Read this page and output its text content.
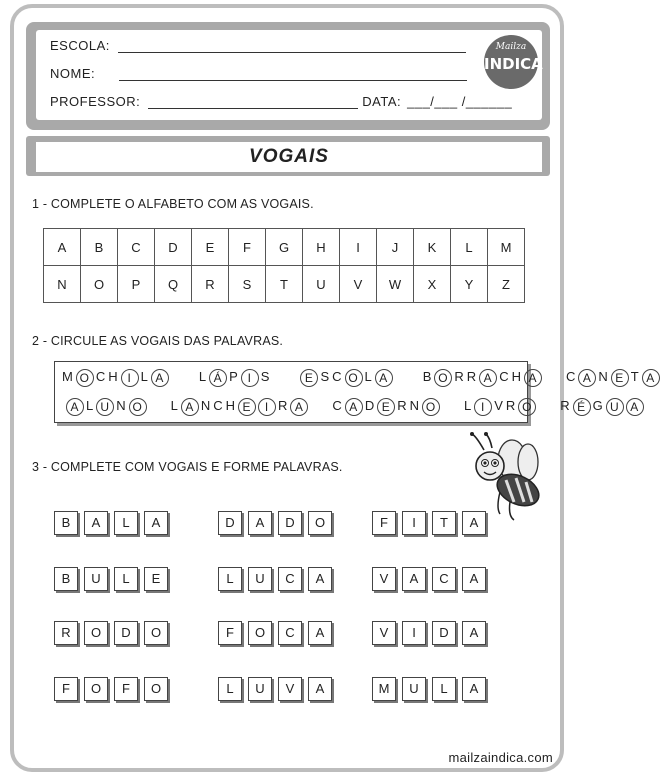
ESCOLA:
NOME:
PROFESSOR:	DATA: ___/___ /______
Mailza
INDICA
VOGAIS
1 - COMPLETE O ALFABETO COM AS VOGAIS.
A	B	C	D	E	F	G	H	I	J	K	L	M
N	O	P	Q	R	S	T	U	V	W	X	Y	Z
2 - CIRCULE AS VOGAIS DAS PALAVRAS.
M O C H I L A	L Á P I S	E S C O L A	B O R R A C H A	C A N E T A
A L U N O L A N C H E	I R A	C A D E R N O L I V R O R É G U A
3 - COMPLETE COM VOGAIS E FORME PALAVRAS.
B	A	L	A	D	A	D	O	F	I	T	A
B	U	L	E	L	U	C	A	V	A	C	A
R	O	D	O	F	O	C	A	V	I	D	A
F	O	F	O	L	U	V	A	M	U	L	A
mailzaindica.com
